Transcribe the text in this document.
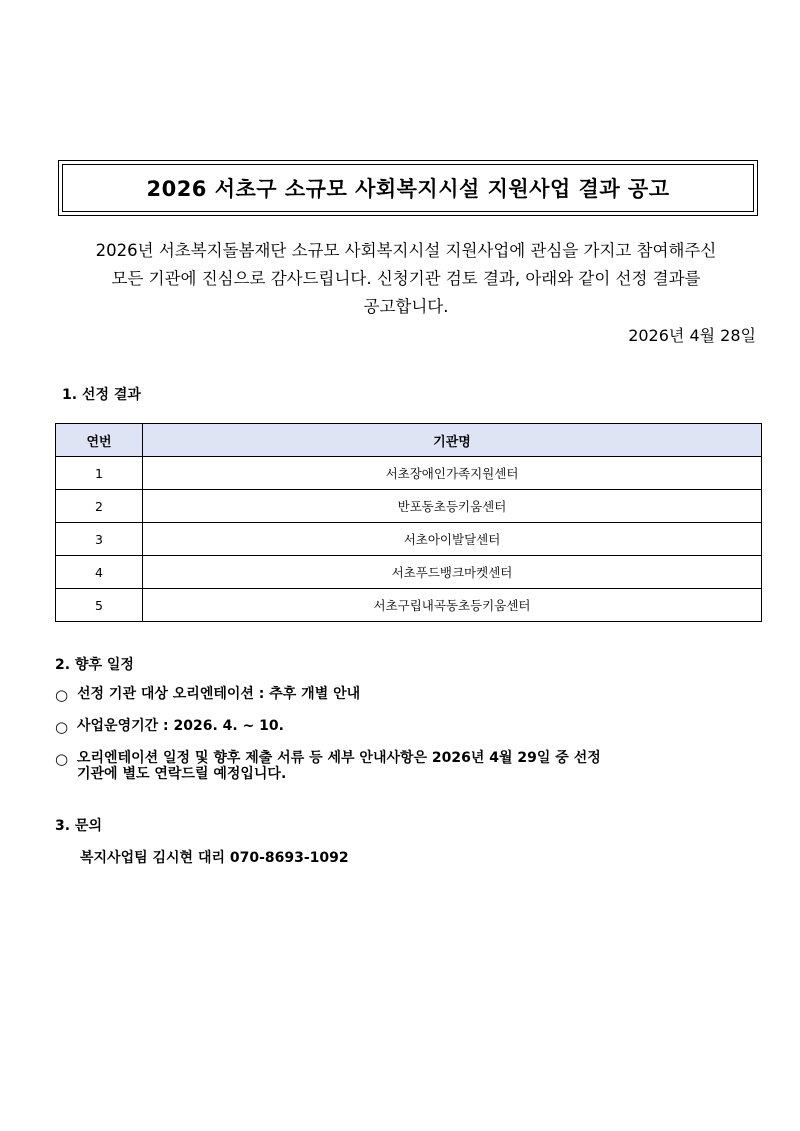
2026 서초구 소규모 사회복지시설 지원사업 결과 공고
2026년 서초복지돌봄재단 소규모 사회복지시설 지원사업에 관심을 가지고 참여해주신
모든 기관에 진심으로 감사드립니다. 신청기관 검토 결과, 아래와 같이 선정 결과를
공고합니다.
2026년 4월 28일
1. 선정 결과
연번	기관명
1	서초장애인가족지원센터
2	반포동초등키움센터
3	서초아이발달센터
4	서초푸드뱅크마켓센터
5	서초구립내곡동초등키움센터
2. 향후 일정
○ 선정 기관 대상 오리엔테이션 : 추후 개별 안내
○ 사업운영기간 : 2026. 4. ~ 10.
○ 오리엔테이션 일정 및 향후 제출 서류 등 세부 안내사항은 2026년 4월 29일 중 선정
기관에 별도 연락드릴 예정입니다.
3. 문의
복지사업팀 김시현 대리 070-8693-1092
